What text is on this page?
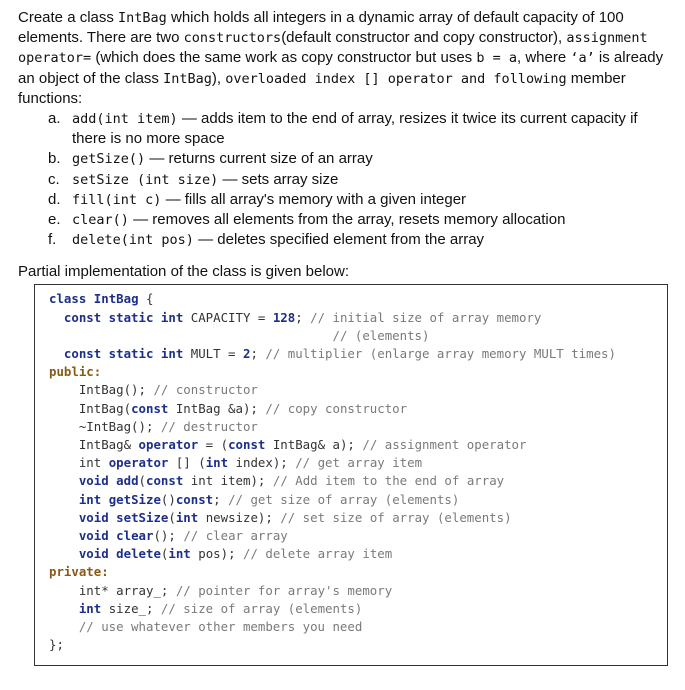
Create a class IntBag which holds all integers in a dynamic array of default capacity of 100 elements. There are two constructors(default constructor and copy constructor), assignment operator= (which does the same work as copy constructor but uses b = a, where ‘a’ is already an object of the class IntBag), overloaded index [] operator and following member functions:

a. add(int item) — adds item to the end of array, resizes it twice its current capacity if there is no more space
b. getSize() — returns current size of an array
c. setSize (int size) — sets array size
d. fill(int c) — fills all array's memory with a given integer
e. clear() — removes all elements from the array, resets memory allocation
f. delete(int pos) — deletes specified element from the array

Partial implementation of the class is given below:

class IntBag {
const static int CAPACITY = 128; // initial size of array memory
// (elements)
const static int MULT = 2; // multiplier (enlarge array memory MULT times)
public:
IntBag(); // constructor
IntBag(const IntBag &a); // copy constructor
~IntBag(); // destructor
IntBag& operator = (const IntBag& a); // assignment operator
int operator [] (int index); // get array item
void add(const int item); // Add item to the end of array
int getSize()const; // get size of array (elements)
void setSize(int newsize); // set size of array (elements)
void clear(); // clear array
void delete(int pos); // delete array item
private:
int* array_; // pointer for array's memory
int size_; // size of array (elements)
// use whatever other members you need
};
